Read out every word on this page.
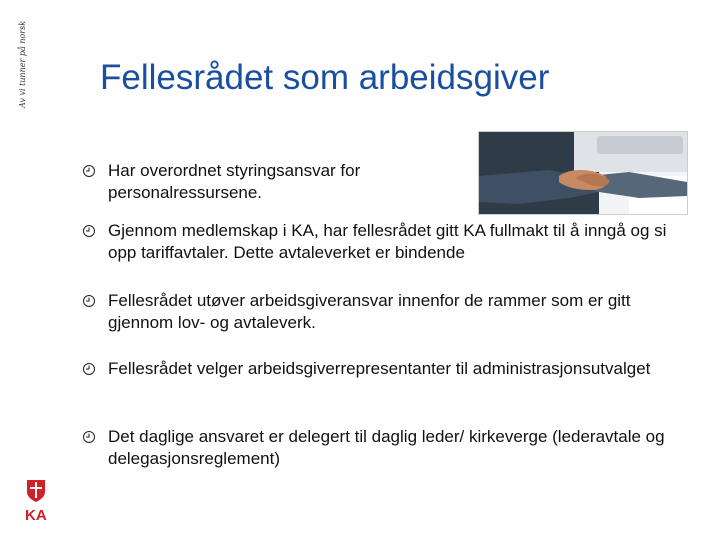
Av vi tunner på norsk Fellesrådet som arbeidsgiver
Har overordnet styringsansvar for personalressursene.
Gjennom medlemskap i KA, har fellesrådet gitt KA fullmakt til å inngå og si opp tariffavtaler. Dette avtaleverket er bindende
Fellesrådet utøver arbeidsgiveransvar innenfor de rammer som er gitt gjennom lov- og avtaleverk.
Fellesrådet velger arbeidsgiverrepresentanter til administrasjonsutvalget
Det daglige ansvaret er delegert til daglig leder/ kirkeverge (lederavtale og delegasjonsreglement)
KA
